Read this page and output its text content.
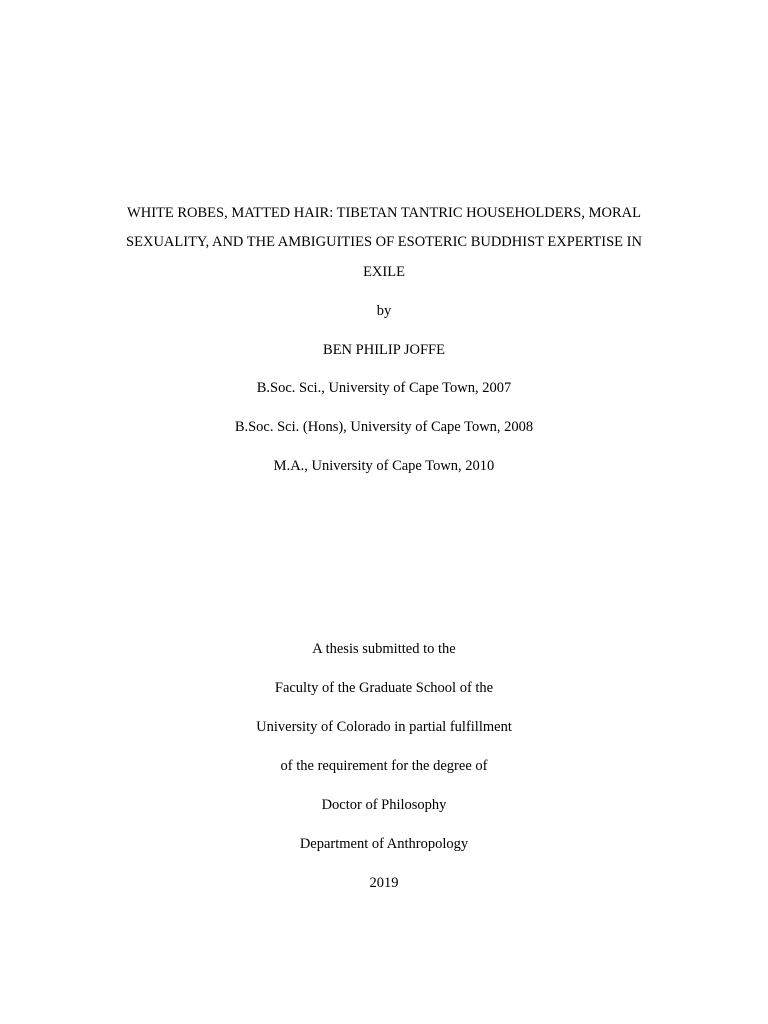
WHITE ROBES, MATTED HAIR: TIBETAN TANTRIC HOUSEHOLDERS, MORAL
SEXUALITY, AND THE AMBIGUITIES OF ESOTERIC BUDDHIST EXPERTISE IN
EXILE
by
BEN PHILIP JOFFE
B.Soc. Sci., University of Cape Town, 2007
B.Soc. Sci. (Hons), University of Cape Town, 2008
M.A., University of Cape Town, 2010
A thesis submitted to the
Faculty of the Graduate School of the
University of Colorado in partial fulfillment
of the requirement for the degree of
Doctor of Philosophy
Department of Anthropology
2019
